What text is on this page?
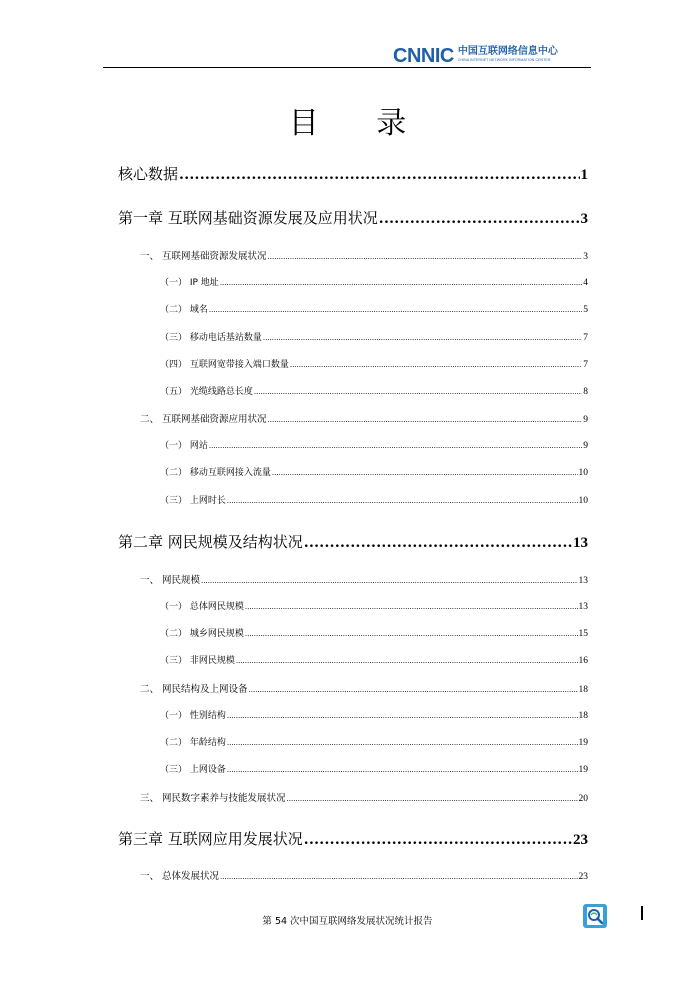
CNNIC 中国互联网络信息中心
CHINA INTERNET NETWORK INFORMATION CENTER
目 录
核心数据 .....	1
第一章 互联网基础资源发展及应用状况 .....	3
一、 互联网基础资源发展状况 .....	3
（一） IP 地址 .....	4
（二） 域名 .....	5
（三） 移动电话基站数量 .....	7
（四） 互联网宽带接入端口数量 .....	7
（五） 光缆线路总长度 .....	8
二、 互联网基础资源应用状况 .....	9
（一） 网站 .....	9
（二） 移动互联网接入流量 .....	10
（三） 上网时长 .....	10
第二章 网民规模及结构状况 .....	13
一、 网民规模 .....	13
（一） 总体网民规模 .....	13
（二） 城乡网民规模 .....	15
（三） 非网民规模 .....	16
二、 网民结构及上网设备 .....	18
（一） 性别结构 .....	18
（二） 年龄结构 .....	19
（三） 上网设备 .....	19
三、 网民数字素养与技能发展状况 .....	20
第三章 互联网应用发展状况 .....	23
一、 总体发展状况 .....	23
第 54 次中国互联网络发展状况统计报告
